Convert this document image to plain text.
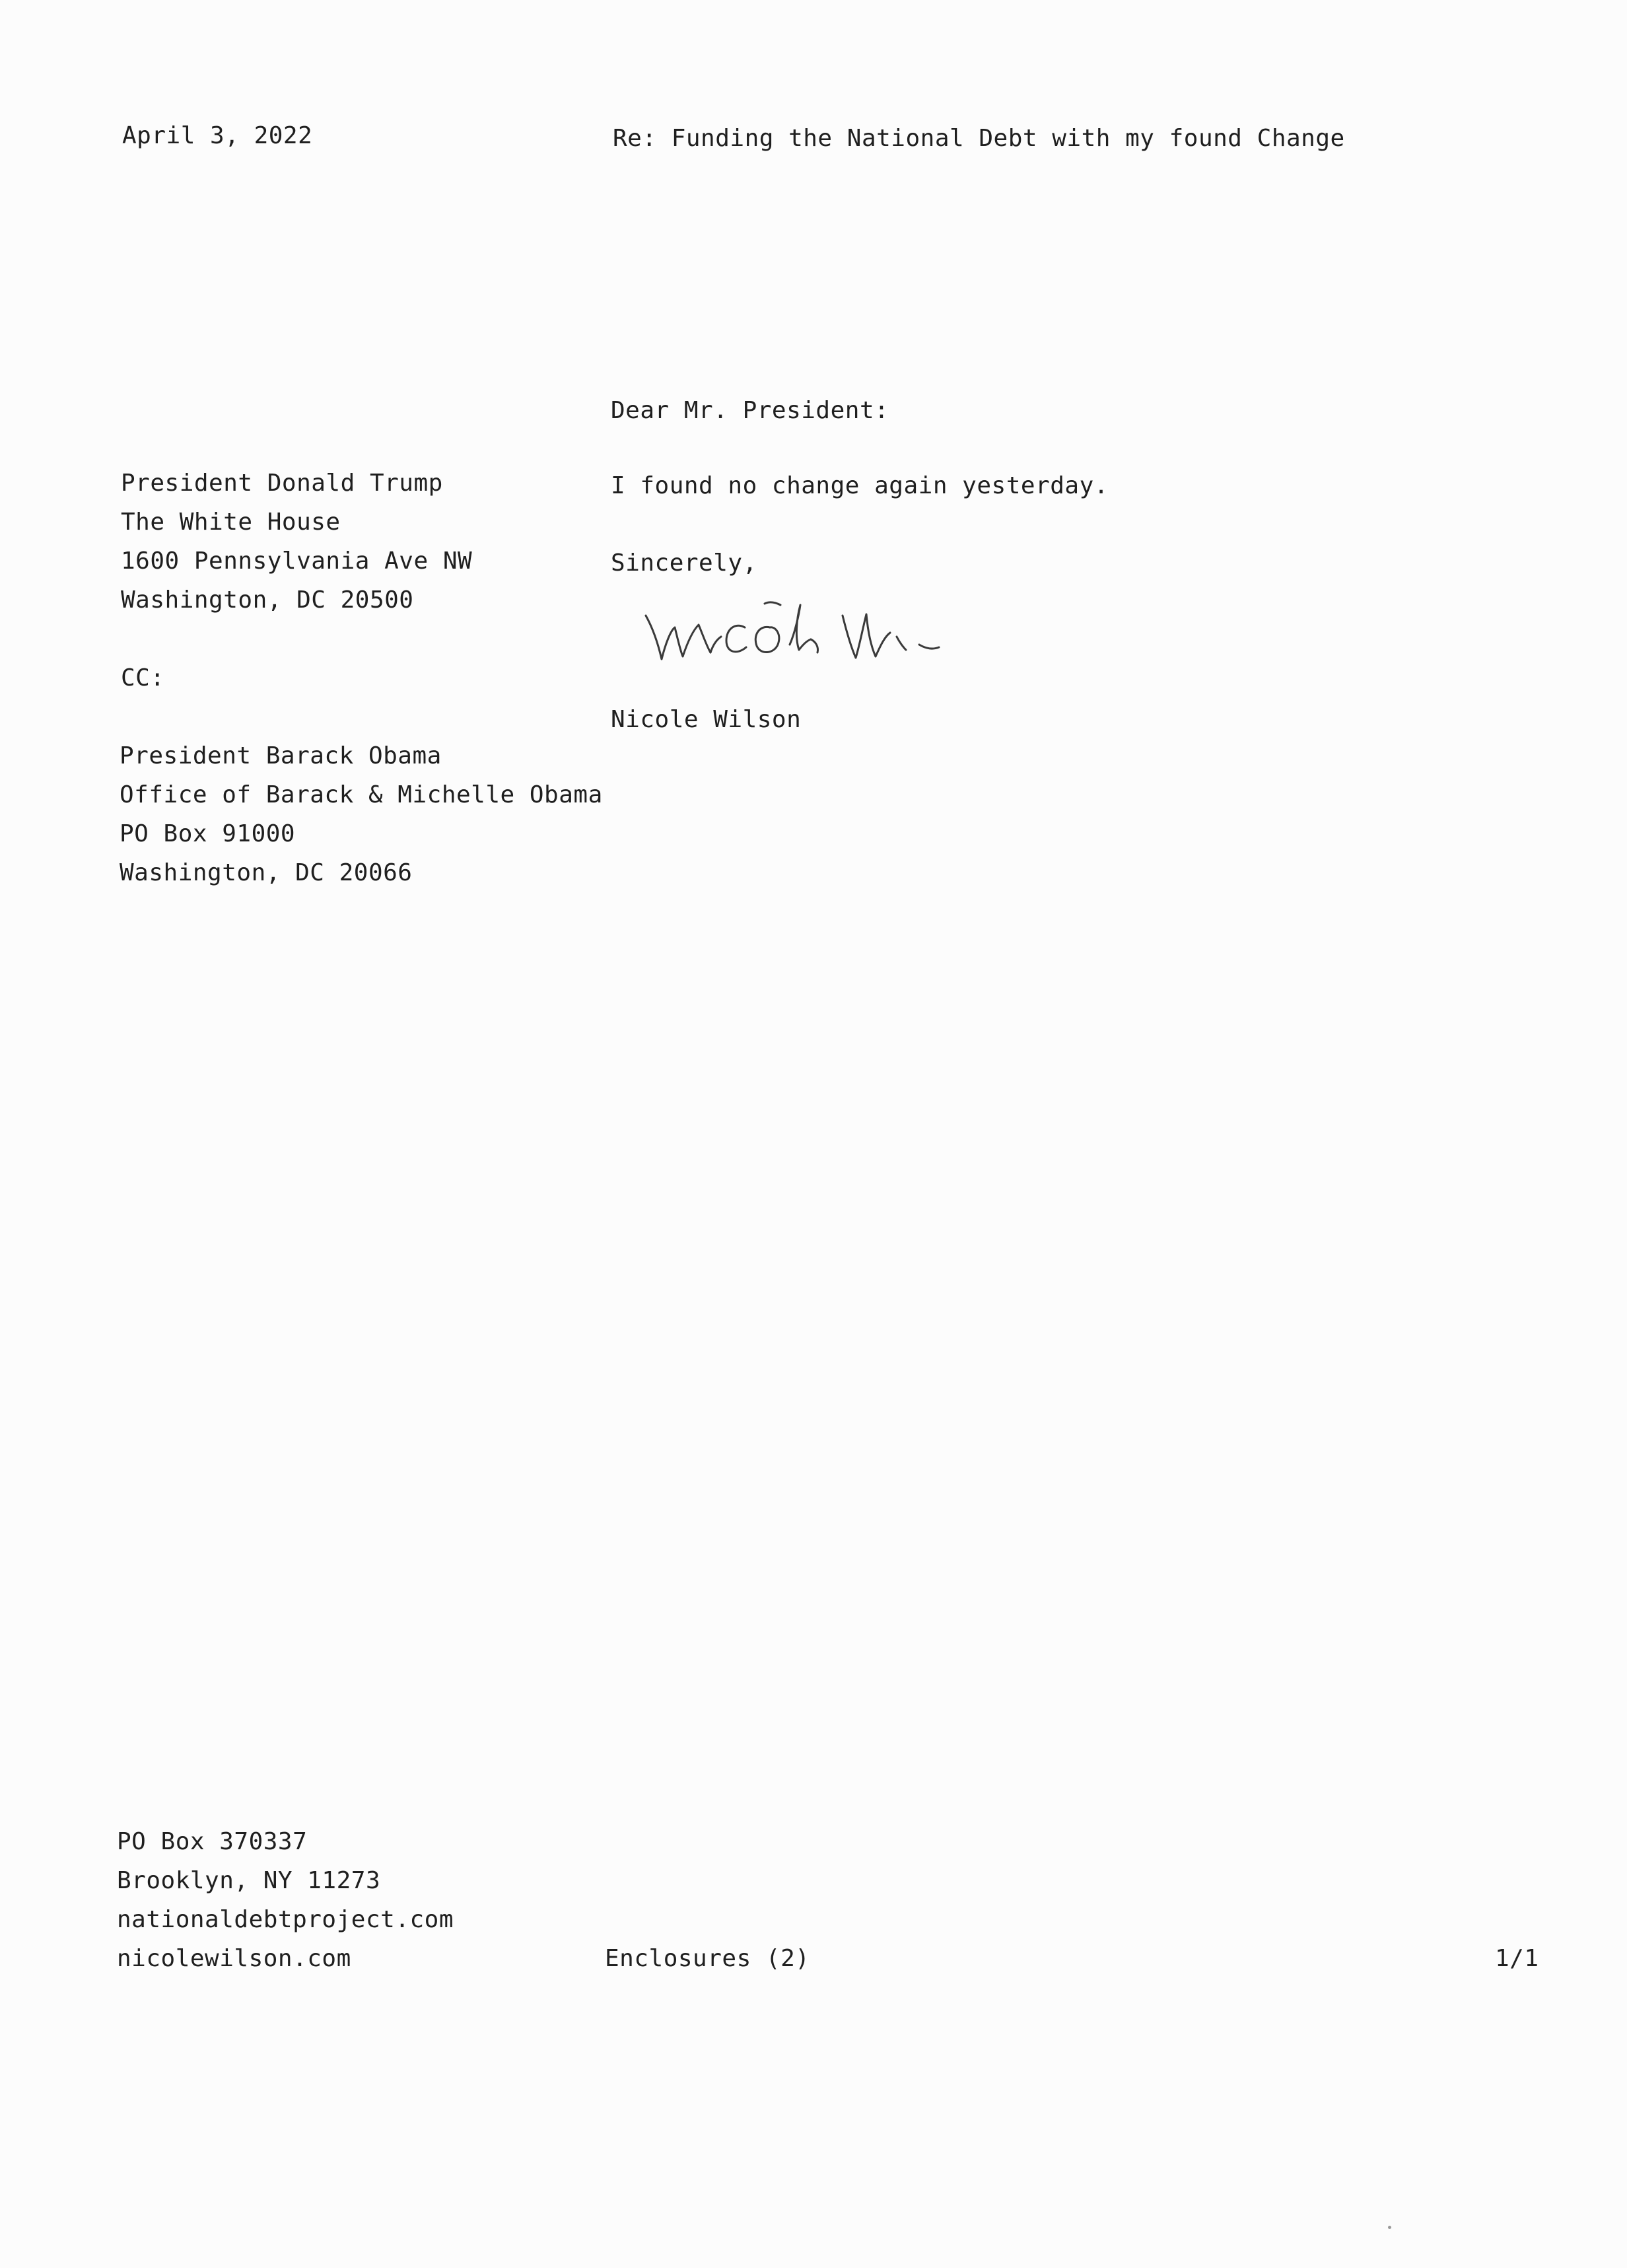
April 3, 2022	Re: Funding the National Debt with my found Change
President Donald Trump
The White House
1600 Pennsylvania Ave NW
Washington, DC 20500
CC:
President Barack Obama
Office of Barack & Michelle Obama
PO Box 91000
Washington, DC 20066
Dear Mr. President:
I found no change again yesterday.
Sincerely,
Nicole Wilson
PO Box 370337
Brooklyn, NY 11273
nationaldebtproject.com
nicolewilson.com	Enclosures (2)	1/1
